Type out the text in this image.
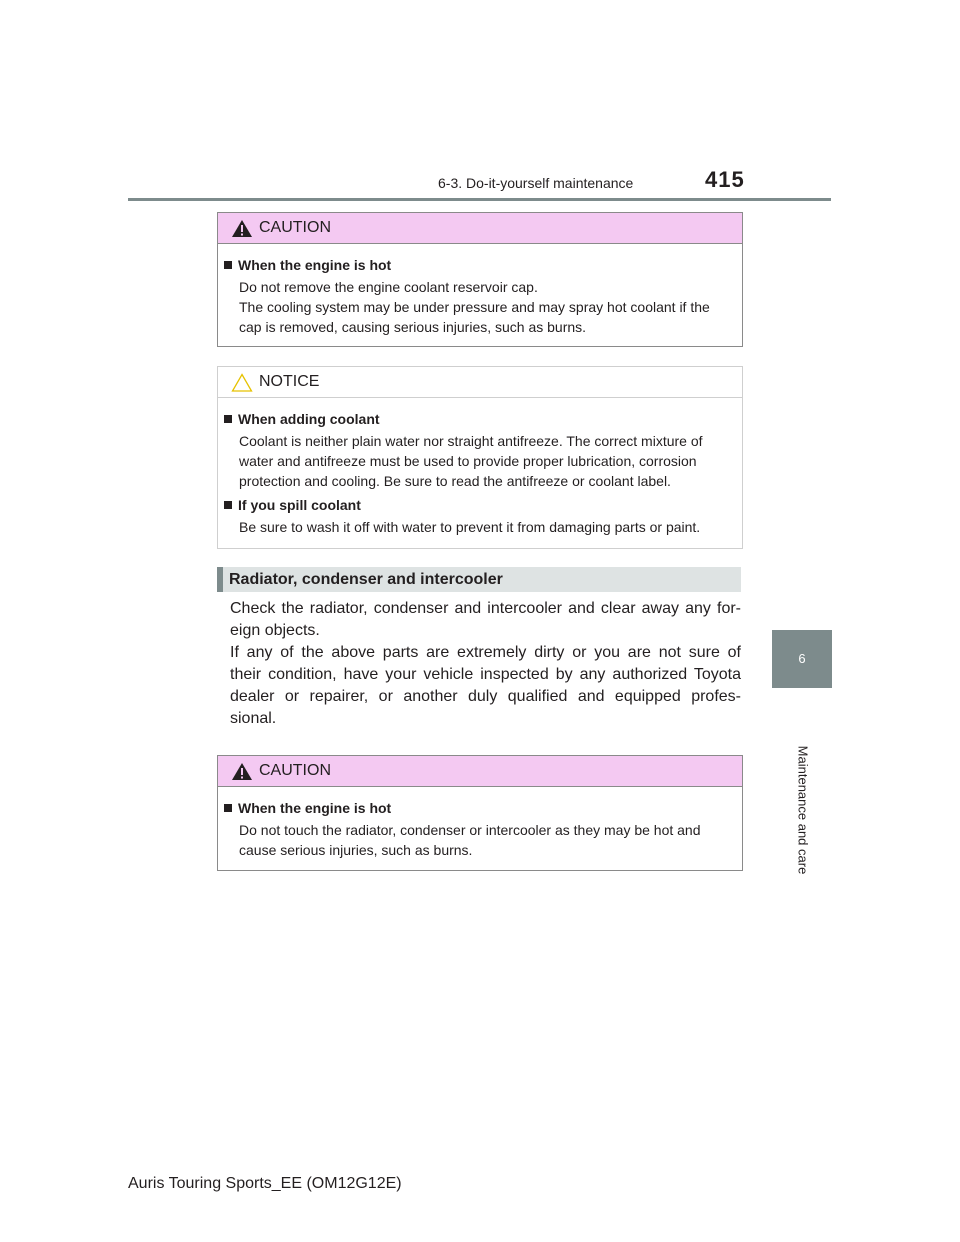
6-3. Do-it-yourself maintenance	415
6
Maintenance and care
CAUTION
When the engine is hot
Do not remove the engine coolant reservoir cap.
The cooling system may be under pressure and may spray hot coolant if the
cap is removed, causing serious injuries, such as burns.
NOTICE
When adding coolant
Coolant is neither plain water nor straight antifreeze. The correct mixture of
water and antifreeze must be used to provide proper lubrication, corrosion
protection and cooling. Be sure to read the antifreeze or coolant label.
If you spill coolant
Be sure to wash it off with water to prevent it from damaging parts or paint.
Radiator, condenser and intercooler
Check the radiator, condenser and intercooler and clear away any for-
eign objects.
If any of the above parts are extremely dirty or you are not sure of
their condition, have your vehicle inspected by any authorized Toyota
dealer or repairer, or another duly qualified and equipped profes-
sional.
CAUTION
When the engine is hot
Do not touch the radiator, condenser or intercooler as they may be hot and
cause serious injuries, such as burns.
Auris Touring Sports_EE (OM12G12E)
